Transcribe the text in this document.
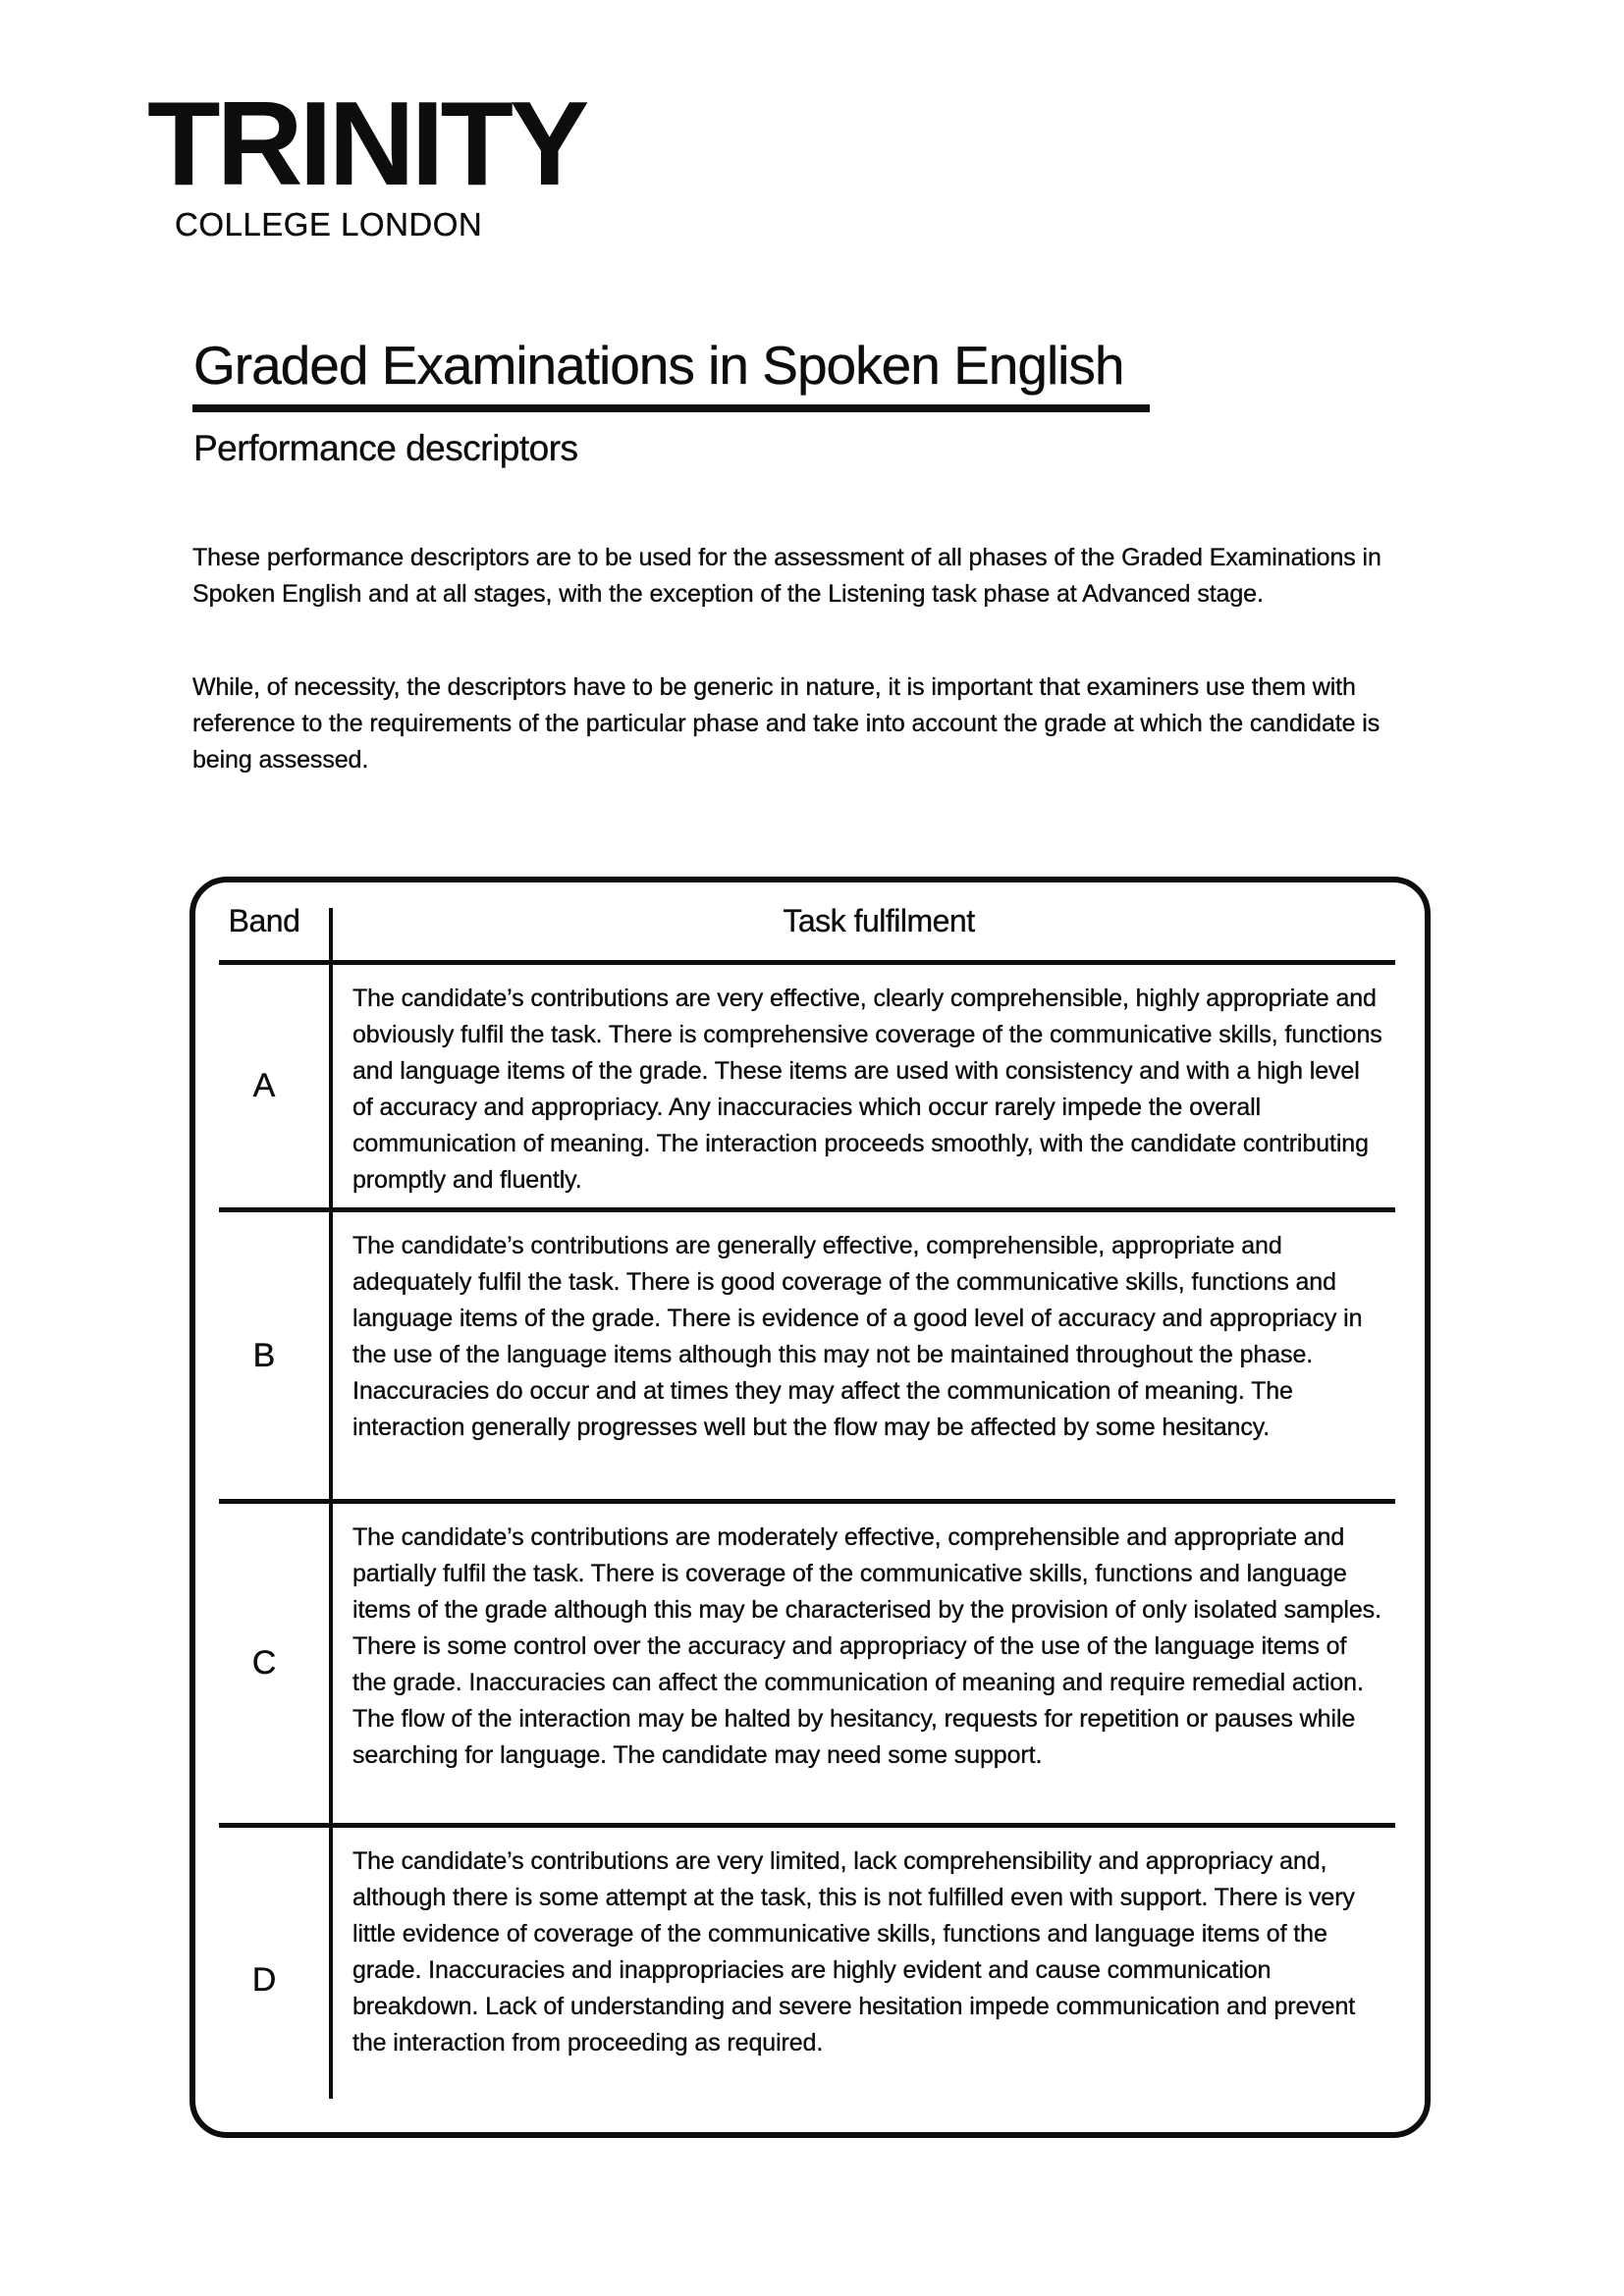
TRINITY
COLLEGE LONDON
Graded Examinations in Spoken English
Performance descriptors

These performance descriptors are to be used for the assessment of all phases of the Graded Examinations in Spoken English and at all stages, with the exception of the Listening task phase at Advanced stage.

While, of necessity, the descriptors have to be generic in nature, it is important that examiners use them with reference to the requirements of the particular phase and take into account the grade at which the candidate is being assessed.

Band	Task fulfilment
A
The candidate’s contributions are very effective, clearly comprehensible, highly appropriate and obviously fulfil the task. There is comprehensive coverage of the communicative skills, functions and language items of the grade. These items are used with consistency and with a high level of accuracy and appropriacy. Any inaccuracies which occur rarely impede the overall communication of meaning. The interaction proceeds smoothly, with the candidate contributing promptly and fluently.
B
The candidate’s contributions are generally effective, comprehensible, appropriate and adequately fulfil the task. There is good coverage of the communicative skills, functions and language items of the grade. There is evidence of a good level of accuracy and appropriacy in the use of the language items although this may not be maintained throughout the phase. Inaccuracies do occur and at times they may affect the communication of meaning. The interaction generally progresses well but the flow may be affected by some hesitancy.
C
The candidate’s contributions are moderately effective, comprehensible and appropriate and partially fulfil the task. There is coverage of the communicative skills, functions and language items of the grade although this may be characterised by the provision of only isolated samples. There is some control over the accuracy and appropriacy of the use of the language items of the grade. Inaccuracies can affect the communication of meaning and require remedial action. The flow of the interaction may be halted by hesitancy, requests for repetition or pauses while searching for language. The candidate may need some support.
D
The candidate’s contributions are very limited, lack comprehensibility and appropriacy and, although there is some attempt at the task, this is not fulfilled even with support. There is very little evidence of coverage of the communicative skills, functions and language items of the grade. Inaccuracies and inappropriacies are highly evident and cause communication breakdown. Lack of understanding and severe hesitation impede communication and prevent the interaction from proceeding as required.
